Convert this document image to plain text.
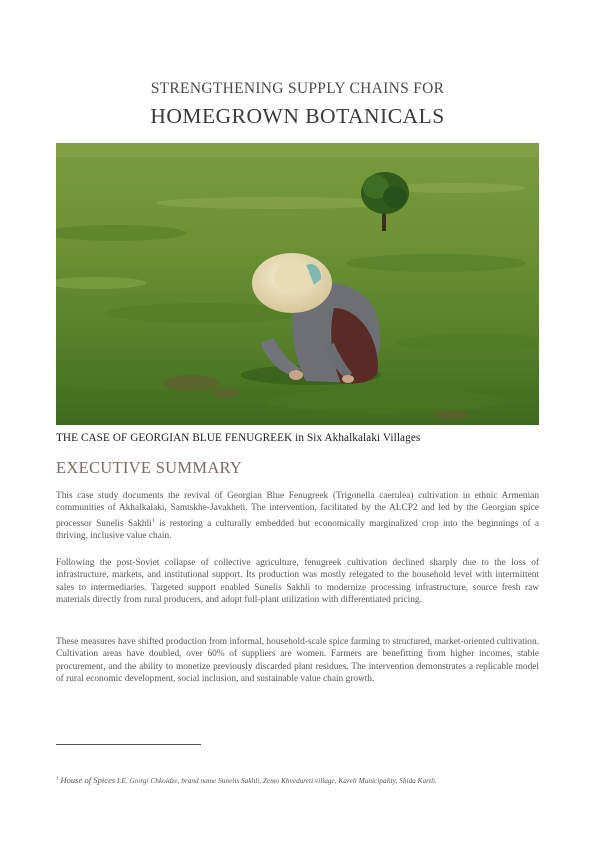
STRENGTHENING SUPPLY CHAINS FOR
HOMEGROWN BOTANICALS
THE CASE OF GEORGIAN BLUE FENUGREEK in Six Akhalkalaki Villages
EXECUTIVE SUMMARY

This case study documents the revival of Georgian Blue Fenugreek (Trigonella caerulea) cultivation in ethnic Armenian communities of Akhalkalaki, Samtskhe-Javakheti. The intervention, facilitated by the ALCP2 and led by the Georgian spice processor Sunelis Sakhli$^1$ is restoring a culturally embedded but economically marginalized crop into the beginnings of a thriving, inclusive value chain.

Following the post-Soviet collapse of collective agriculture, fenugreek cultivation declined sharply due to the loss of infrastructure, markets, and institutional support. Its production was mostly relegated to the household level with intermittent sales to intermediaries. Targeted support enabled Sunelis Sakhli to modernize processing infrastructure, source fresh raw materials directly from rural producers, and adopt full-plant utilization with differentiated pricing.

These measures have shifted production from informal, household-scale spice farming to structured, market-oriented cultivation. Cultivation areas have doubled, over 60% of suppliers are women. Farmers are benefitting from higher incomes, stable procurement, and the ability to monetize previously discarded plant residues. The intervention demonstrates a replicable model of rural economic development, social inclusion, and sustainable value chain growth.

$^1$ House of Spices I.E. Giorgi Chkoidze, brand name Sunelis Sakhli, Zemo Khvedureti village, Kareli Municipality, Shida Kartli.
